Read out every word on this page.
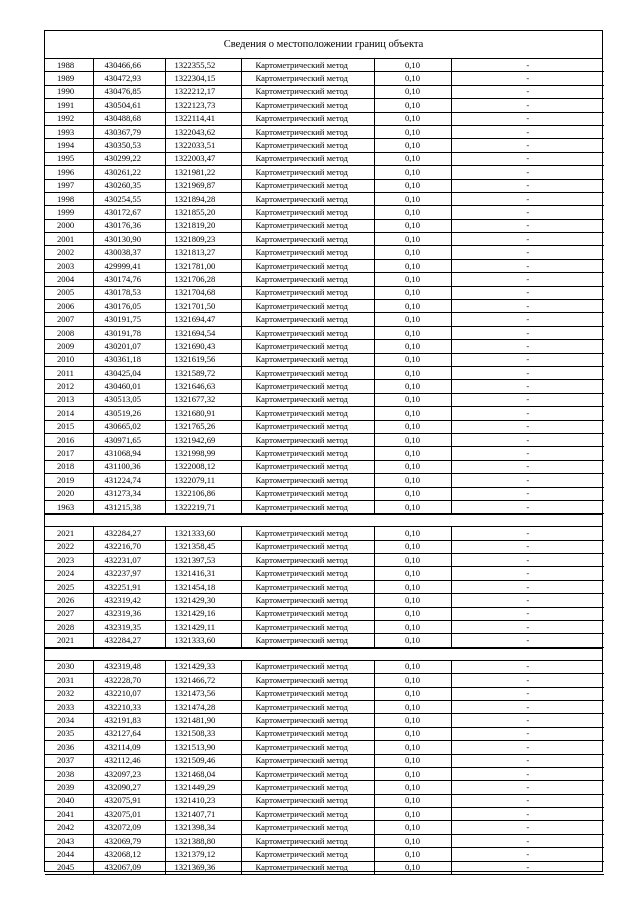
Сведения о местоположении границ объекта
1988	430466,66	1322355,52	Картометрический метод	0,10	-
1989	430472,93	1322304,15	Картометрический метод	0,10	-
1990	430476,85	1322212,17	Картометрический метод	0,10	-
1991	430504,61	1322123,73	Картометрический метод	0,10	-
1992	430488,68	1322114,41	Картометрический метод	0,10	-
1993	430367,79	1322043,62	Картометрический метод	0,10	-
1994	430350,53	1322033,51	Картометрический метод	0,10	-
1995	430299,22	1322003,47	Картометрический метод	0,10	-
1996	430261,22	1321981,22	Картометрический метод	0,10	-
1997	430260,35	1321969,87	Картометрический метод	0,10	-
1998	430254,55	1321894,28	Картометрический метод	0,10	-
1999	430172,67	1321855,20	Картометрический метод	0,10	-
2000	430176,36	1321819,20	Картометрический метод	0,10	-
2001	430130,90	1321809,23	Картометрический метод	0,10	-
2002	430038,37	1321813,27	Картометрический метод	0,10	-
2003	429999,41	1321781,00	Картометрический метод	0,10	-
2004	430174,76	1321706,28	Картометрический метод	0,10	-
2005	430178,53	1321704,68	Картометрический метод	0,10	-
2006	430176,05	1321701,50	Картометрический метод	0,10	-
2007	430191,75	1321694,47	Картометрический метод	0,10	-
2008	430191,78	1321694,54	Картометрический метод	0,10	-
2009	430201,07	1321690,43	Картометрический метод	0,10	-
2010	430361,18	1321619,56	Картометрический метод	0,10	-
2011	430425,04	1321589,72	Картометрический метод	0,10	-
2012	430460,01	1321646,63	Картометрический метод	0,10	-
2013	430513,05	1321677,32	Картометрический метод	0,10	-
2014	430519,26	1321680,91	Картометрический метод	0,10	-
2015	430665,02	1321765,26	Картометрический метод	0,10	-
2016	430971,65	1321942,69	Картометрический метод	0,10	-
2017	431068,94	1321998,99	Картометрический метод	0,10	-
2018	431100,36	1322008,12	Картометрический метод	0,10	-
2019	431224,74	1322079,11	Картометрический метод	0,10	-
2020	431273,34	1322106,86	Картометрический метод	0,10	-
1963	431215,38	1322219,71	Картометрический метод	0,10	-
2021	432284,27	1321333,60	Картометрический метод	0,10	-
2022	432216,70	1321358,45	Картометрический метод	0,10	-
2023	432231,07	1321397,53	Картометрический метод	0,10	-
2024	432237,97	1321416,31	Картометрический метод	0,10	-
2025	432251,91	1321454,18	Картометрический метод	0,10	-
2026	432319,42	1321429,30	Картометрический метод	0,10	-
2027	432319,36	1321429,16	Картометрический метод	0,10	-
2028	432319,35	1321429,11	Картометрический метод	0,10	-
2021	432284,27	1321333,60	Картометрический метод	0,10	-
2030	432319,48	1321429,33	Картометрический метод	0,10	-
2031	432228,70	1321466,72	Картометрический метод	0,10	-
2032	432210,07	1321473,56	Картометрический метод	0,10	-
2033	432210,33	1321474,28	Картометрический метод	0,10	-
2034	432191,83	1321481,90	Картометрический метод	0,10	-
2035	432127,64	1321508,33	Картометрический метод	0,10	-
2036	432114,09	1321513,90	Картометрический метод	0,10	-
2037	432112,46	1321509,46	Картометрический метод	0,10	-
2038	432097,23	1321468,04	Картометрический метод	0,10	-
2039	432090,27	1321449,29	Картометрический метод	0,10	-
2040	432075,91	1321410,23	Картометрический метод	0,10	-
2041	432075,01	1321407,71	Картометрический метод	0,10	-
2042	432072,09	1321398,34	Картометрический метод	0,10	-
2043	432069,79	1321388,80	Картометрический метод	0,10	-
2044	432068,12	1321379,12	Картометрический метод	0,10	-
2045	432067,09	1321369,36	Картометрический метод	0,10	-
